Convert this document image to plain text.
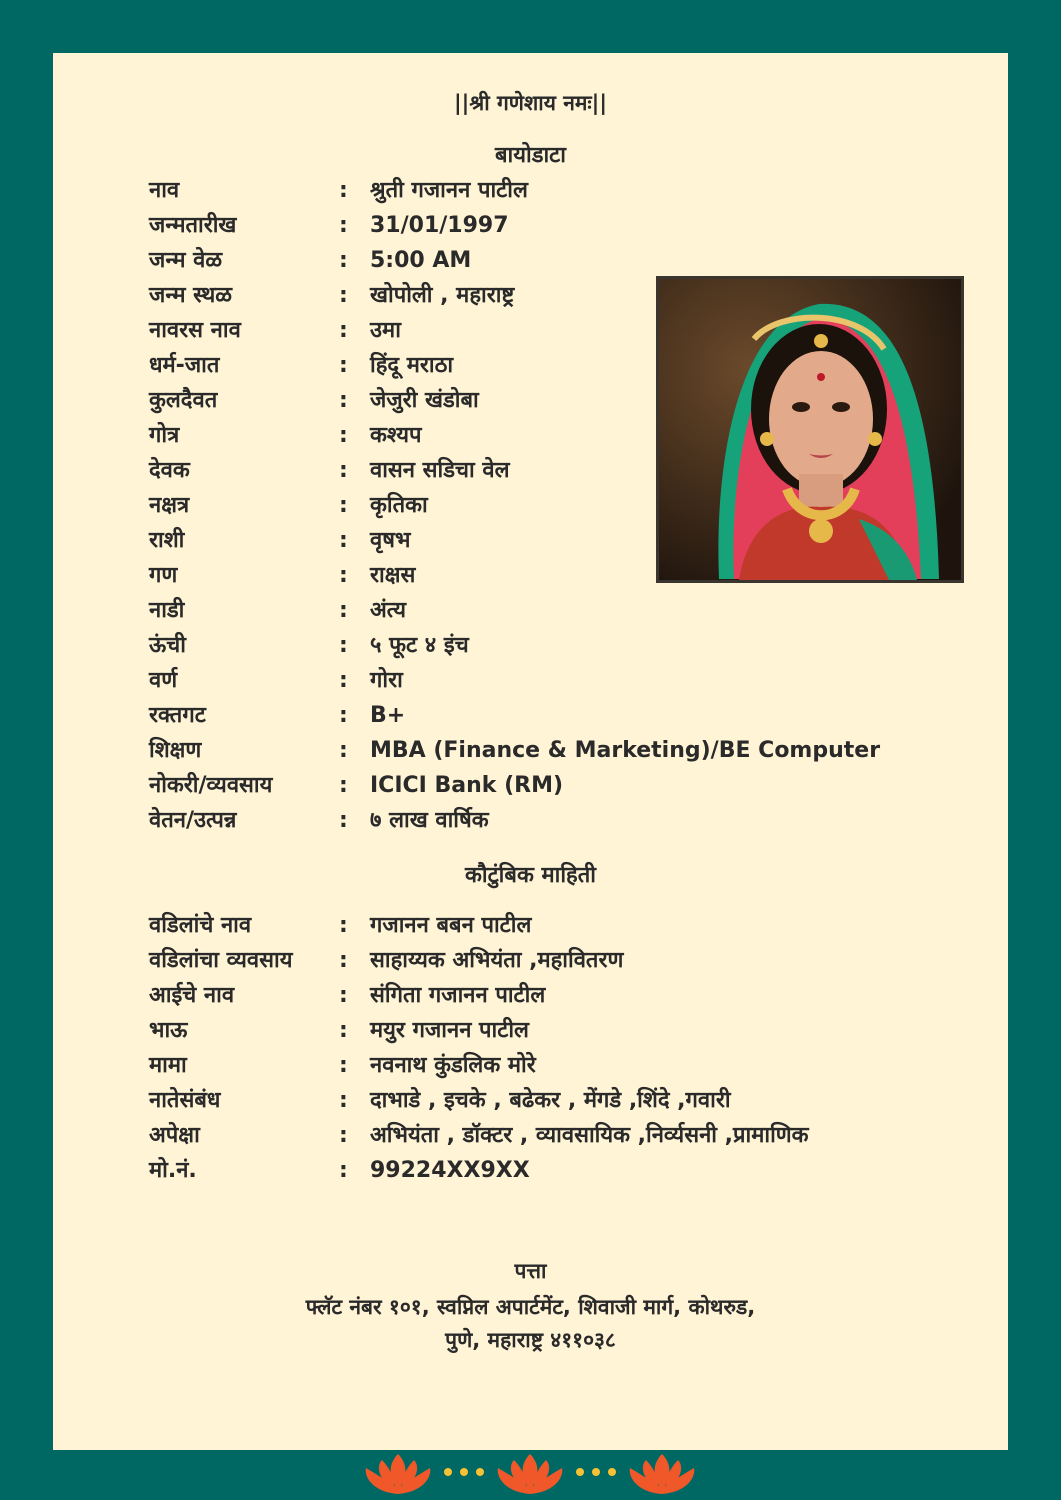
||श्री गणेशाय नमः||
बायोडाटा
नाव	:	श्रुती गजानन पाटील
जन्मतारीख	:	31/01/1997
जन्म वेळ	:	5:00 AM
जन्म स्थळ	:	खोपोली , महाराष्ट्र
नावरस नाव	:	उमा
धर्म-जात	:	हिंदू मराठा
कुलदैवत	:	जेजुरी खंडोबा
गोत्र	:	कश्यप
देवक	:	वासन सडिचा वेल
नक्षत्र	:	कृतिका
राशी	:	वृषभ
गण	:	राक्षस
नाडी	:	अंत्य
ऊंची	:	५ फूट ४ इंच
वर्ण	:	गोरा
रक्तगट	:	B+
शिक्षण	:	MBA (Finance & Marketing)/BE Computer
नोकरी/व्यवसाय	:	ICICI Bank (RM)
वेतन/उत्पन्न	:	७ लाख वार्षिक
कौटुंबिक माहिती
वडिलांचे नाव	:	गजानन बबन पाटील
वडिलांचा व्यवसाय	:	साहाय्यक अभियंता ,महावितरण
आईचे नाव	:	संगिता गजानन पाटील
भाऊ	:	मयुर गजानन पाटील
मामा	:	नवनाथ कुंडलिक मोरे
नातेसंबंध	:	दाभाडे , इचके , बढेकर , मेंगडे ,शिंदे ,गवारी
अपेक्षा	:	अभियंता , डॉक्टर , व्यावसायिक ,निर्व्यसनी ,प्रामाणिक
मो.नं.	:	99224XX9XX
पत्ता
फ्लॅट नंबर १०१, स्वप्निल अपार्टमेंट, शिवाजी मार्ग, कोथरुड,
पुणे, महाराष्ट्र ४११०३८
